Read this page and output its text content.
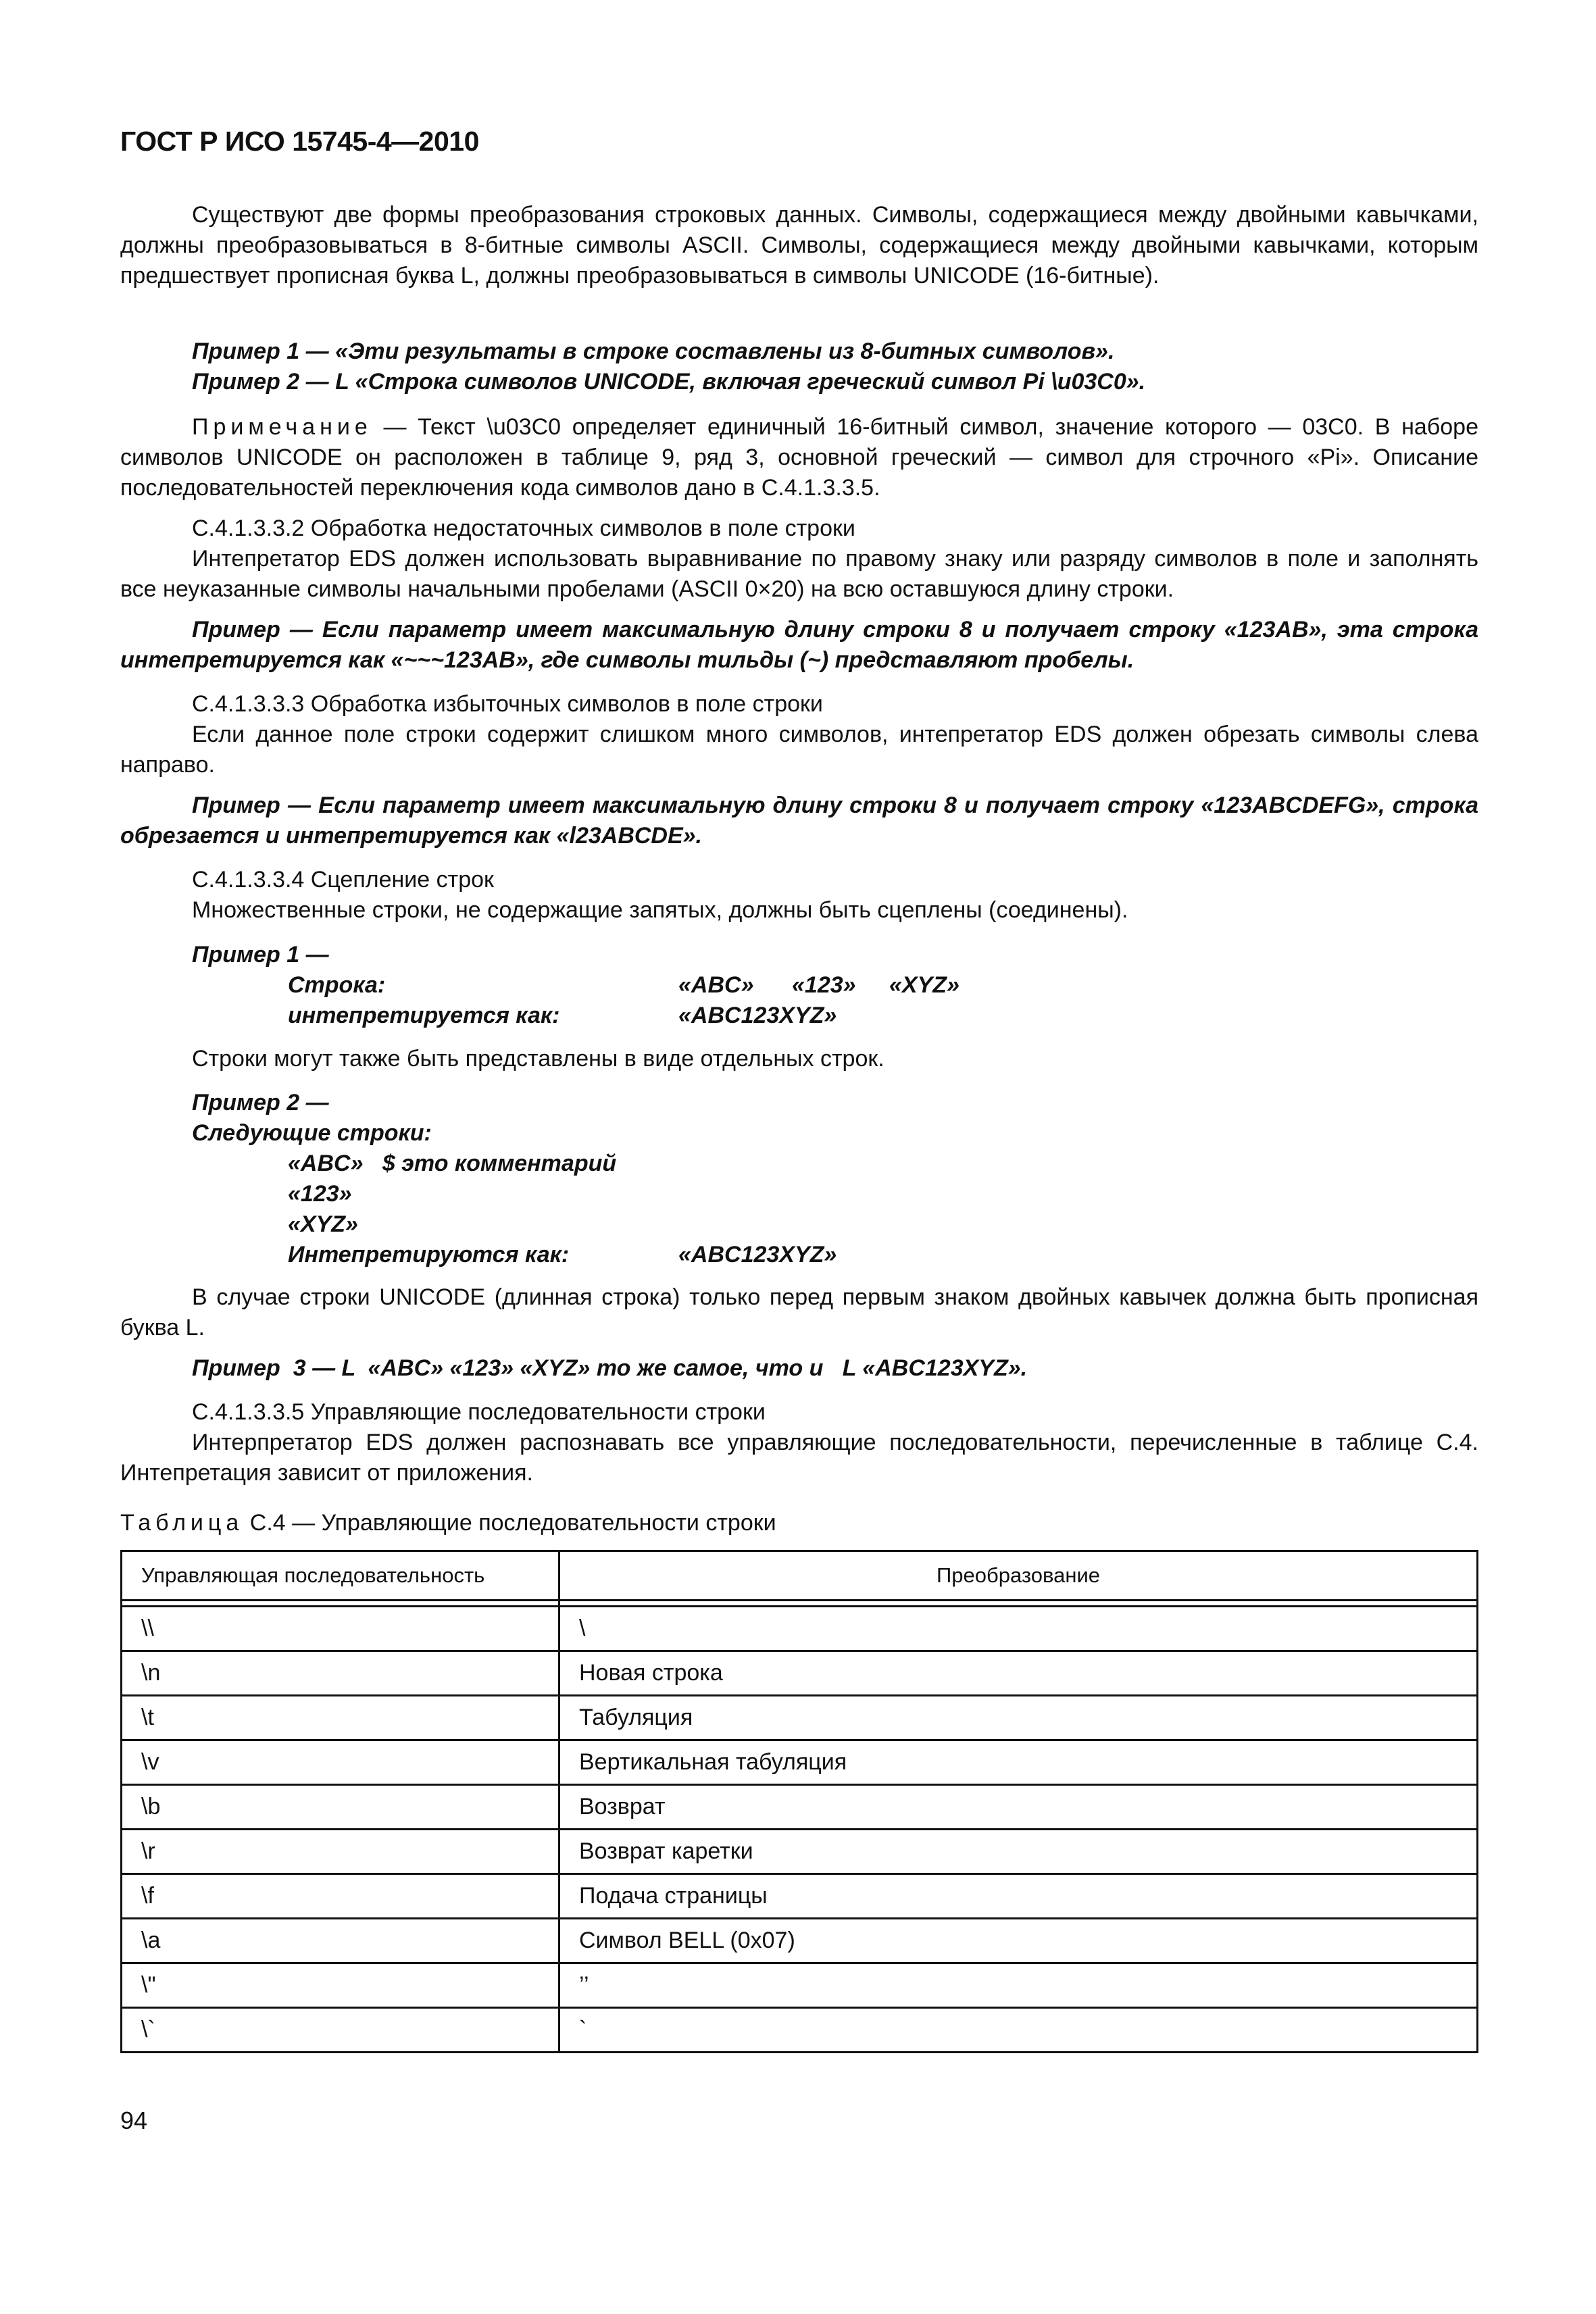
ГОСТ Р ИСО 15745-4—2010
Существуют две формы преобразования строковых данных. Символы, содержащиеся между двойными кавычками, должны преобразовываться в 8-битные символы ASCII. Символы, содержащиеся между двойными кавычками, которым предшествует прописная буква L, должны преобразовываться в символы UNICODE (16-битные).
Пример 1 — «Эти результаты в строке составлены из 8-битных символов».
Пример 2 — L «Строка символов UNICODE, включая греческий символ Pi \u03C0».
Примечание — Текст \u03C0 определяет единичный 16-битный символ, значение которого — 03C0. В наборе символов UNICODE он расположен в таблице 9, ряд 3, основной греческий — символ для строчного «Pi». Описание последовательностей переключения кода символов дано в С.4.1.3.3.5.
С.4.1.3.3.2 Обработка недостаточных символов в поле строки
Интепретатор EDS должен использовать выравнивание по правому знаку или разряду символов в поле и заполнять все неуказанные символы начальными пробелами (ASCII 0×20) на всю оставшуюся длину строки.
Пример — Если параметр имеет максимальную длину строки 8 и получает строку «123AB», эта строка интепретируется как «~~~123AB», где символы тильды (~) представляют пробелы.
С.4.1.3.3.3 Обработка избыточных символов в поле строки
Если данное поле строки содержит слишком много символов, интепретатор EDS должен обрезать символы слева направо.
Пример — Если параметр имеет максимальную длину строки 8 и получает строку «123ABCDEFG», строка обрезается и интепретируется как «l23ABCDE».
С.4.1.3.3.4 Сцепление строк
Множественные строки, не содержащие запятых, должны быть сцеплены (соединены).
Пример 1 —
Строка:	«ABC» «123» «XYZ»
интепретируется как:	«ABC123XYZ»
Строки могут также быть представлены в виде отдельных строк.
Пример 2 —
Следующие строки:
«ABC»   $ это комментарий
«123»
«XYZ»
Интепретируются как:	«ABC123XYZ»
В случае строки UNICODE (длинная строка) только перед первым знаком двойных кавычек должна быть прописная буква L.
Пример  3 — L  «ABC» «123» «XYZ» то же самое, что и   L «ABC123XYZ».
С.4.1.3.3.5 Управляющие последовательности строки
Интерпретатор EDS должен распознавать все управляющие последовательности, перечисленные в таблице С.4. Интепретация зависит от приложения.
Таблица С.4 — Управляющие последовательности строки
Управляющая последовательность	Преобразование

\\	\
\n	Новая строка
\t	Табуляция
\v	Вертикальная табуляция
\b	Возврат
\r	Возврат каретки
\f	Подача страницы
\a	Символ BELL (0x07)
\"	’’
\`	`
94
